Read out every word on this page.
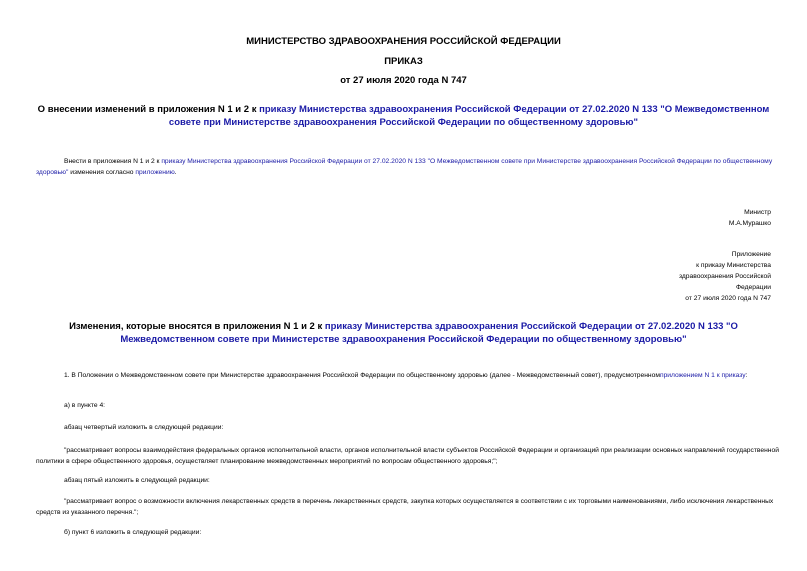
МИНИСТЕРСТВО ЗДРАВООХРАНЕНИЯ РОССИЙСКОЙ ФЕДЕРАЦИИ
ПРИКАЗ
от 27 июля 2020 года N 747
О внесении изменений в приложения N 1 и 2 к приказу Министерства здравоохранения Российской Федерации от 27.02.2020 N 133 "О Межведомственном совете при Министерстве здравоохранения Российской Федерации по общественному здоровью"
Внести в приложения N 1 и 2 к приказу Министерства здравоохранения Российской Федерации от 27.02.2020 N 133 "О Межведомственном совете при Министерстве здравоохранения Российской Федерации по общественному здоровью" изменения согласно приложению.
Министр
М.А.Мурашко
Приложение
к приказу Министерства
здравоохранения Российской
Федерации
от 27 июля 2020 года N 747
Изменения, которые вносятся в приложения N 1 и 2 к приказу Министерства здравоохранения Российской Федерации от 27.02.2020 N 133 "О Межведомственном совете при Министерстве здравоохранения Российской Федерации по общественному здоровью"
1. В Положении о Межведомственном совете при Министерстве здравоохранения Российской Федерации по общественному здоровью (далее - Межведомственный совет), предусмотренномприложением N 1 к приказу:
а) в пункте 4:
абзац четвертый изложить в следующей редакции:
"рассматривает вопросы взаимодействия федеральных органов исполнительной власти, органов исполнительной власти субъектов Российской Федерации и организаций при реализации основных направлений государственной политики в сфере общественного здоровья, осуществляет планирование межведомственных мероприятий по вопросам общественного здоровья;";
абзац пятый изложить в следующей редакции:
"рассматривает вопрос о возможности включения лекарственных средств в перечень лекарственных средств, закупка которых осуществляется в соответствии с их торговыми наименованиями, либо исключения лекарственных средств из указанного перечня.";
б) пункт 6 изложить в следующей редакции:
